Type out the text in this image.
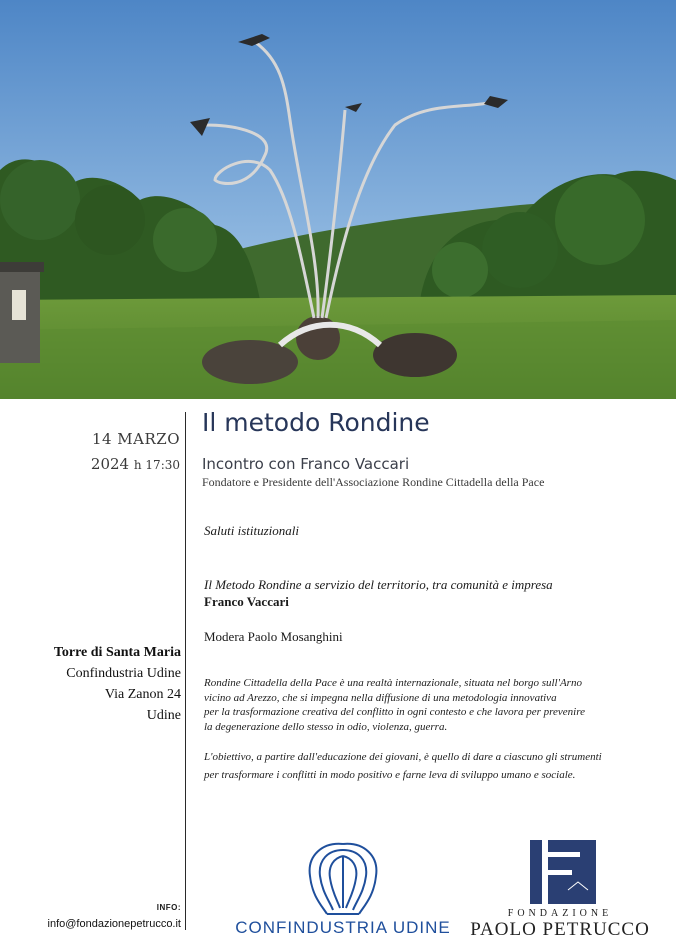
14 MARZO
2024 h 17:30
Torre di Santa Maria
Confindustria Udine
Via Zanon 24
Udine
INFO:
info@fondazionepetrucco.it
Il metodo Rondine
Incontro con Franco Vaccari
Fondatore e Presidente dell'Associazione Rondine Cittadella della Pace
Saluti istituzionali
Il Metodo Rondine a servizio del territorio, tra comunità e impresa
Franco Vaccari
Modera Paolo Mosanghini

Rondine Cittadella della Pace è una realtà internazionale, situata nel borgo sull'Arno
vicino ad Arezzo, che si impegna nella diffusione di una metodologia innovativa
per la trasformazione creativa del conflitto in ogni contesto e che lavora per prevenire
la degenerazione dello stesso in odio, violenza, guerra.

L'obiettivo, a partire dall'educazione dei giovani, è quello di dare a ciascuno gli strumenti
per trasformare i conflitti in modo positivo e farne leva di sviluppo umano e sociale.

CONFINDUSTRIA UDINE
FONDAZIONE
PAOLO PETRUCCO
